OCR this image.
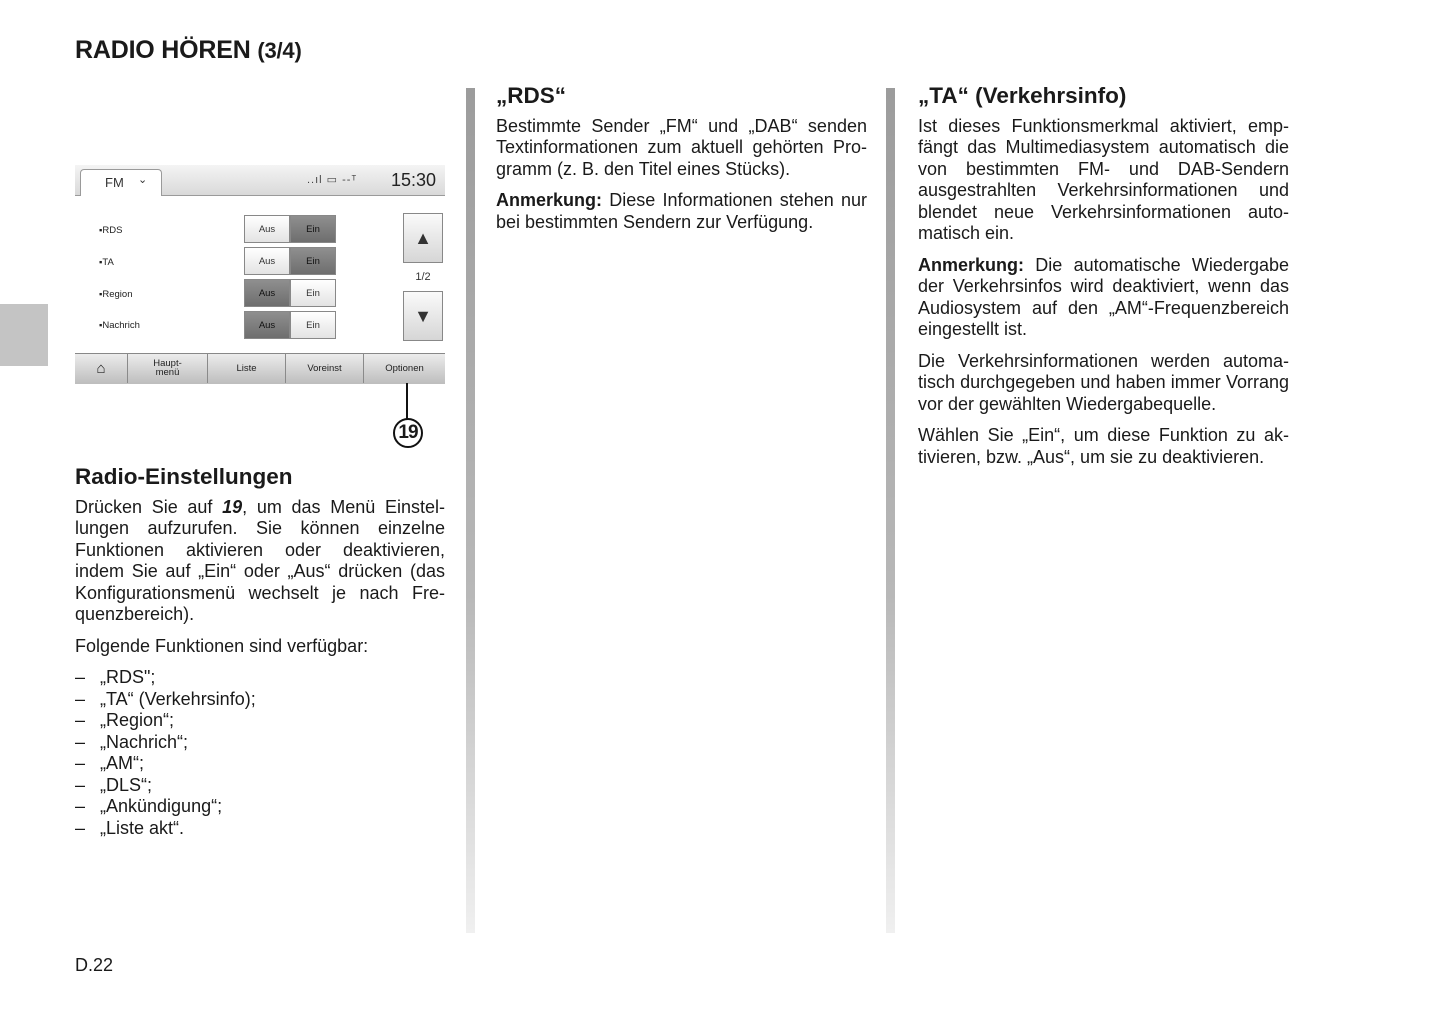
RADIO HÖREN (3/4)
FM ⌄	..ıl ▭ --ᵀ 15:30
▪RDS	Aus	Ein
▪TA	Aus	Ein
▪Region	Aus	Ein
▪Nachrich	Aus	Ein
▲
1/2
▼
⌂	Haupt-
menü	Liste	Voreinst	Optionen
19
Radio-Einstellungen

Drücken Sie auf 19, um das Menü Einstellungen aufzurufen. Sie können einzelne Funktionen aktivieren oder deaktivieren, indem Sie auf „Ein“ oder „Aus“ drücken (das Konfigurationsmenü wechselt je nach Frequenzbereich).

Folgende Funktionen sind verfügbar:

– „RDS";
– „TA“ (Verkehrsinfo);
– „Region“;
– „Nachrich“;
– „AM“;
– „DLS“;
– „Ankündigung“;
– „Liste akt“.
„RDS“

Bestimmte Sender „FM“ und „DAB“ senden Textinformationen zum aktuell gehörten Programm (z. B. den Titel eines Stücks).

Anmerkung: Diese Informationen stehen nur bei bestimmten Sendern zur Verfügung.

„TA“ (Verkehrsinfo)

Ist dieses Funktionsmerkmal aktiviert, empfängt das Multimediasystem automatisch die von bestimmten FM- und DAB-Sendern ausgestrahlten Verkehrsinformationen und blendet neue Verkehrsinformationen automatisch ein.

Anmerkung: Die automatische Wiedergabe der Verkehrsinfos wird deaktiviert, wenn das Audiosystem auf den „AM“-Frequenzbereich eingestellt ist.

Die Verkehrsinformationen werden automatisch durchgegeben und haben immer Vorrang vor der gewählten Wiedergabequelle.

Wählen Sie „Ein“, um diese Funktion zu aktivieren, bzw. „Aus“, um sie zu deaktivieren.

D.22
